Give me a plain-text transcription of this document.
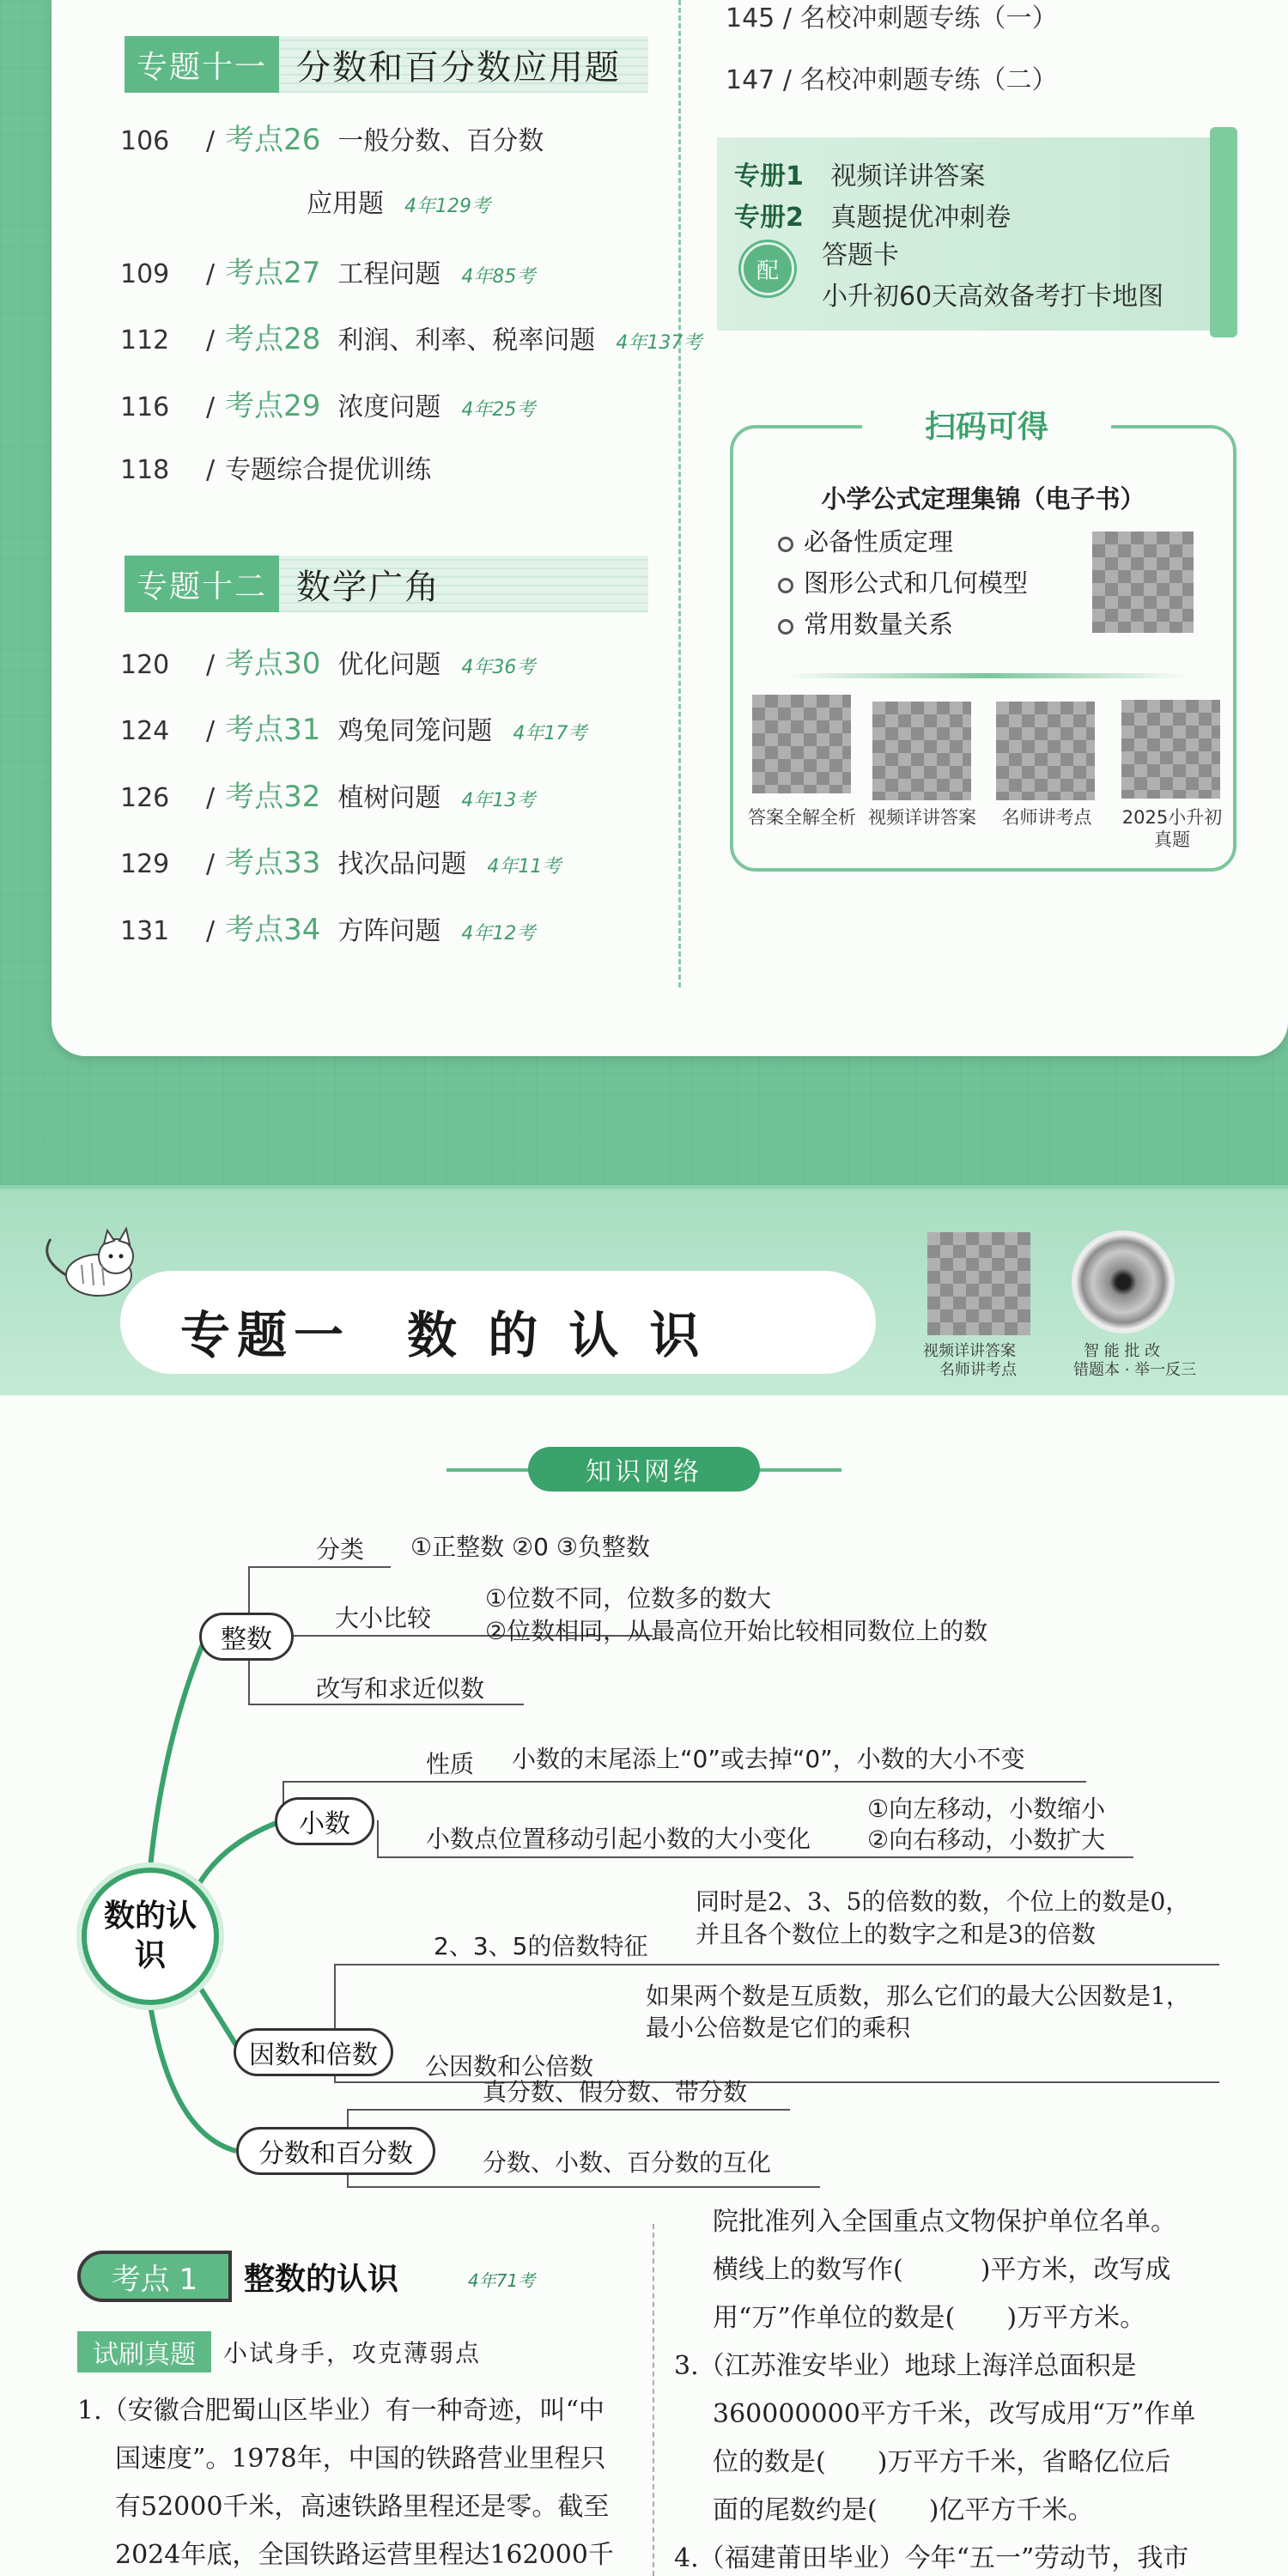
专题十一 分数和百分数应用题
106	/ 考点26 一般分数、百分数
应用题 4年129考
109	/ 考点27 工程问题 4年85考
112	/ 考点28 利润、利率、税率问题 4年137考
116	/ 考点29 浓度问题 4年25考
118	/ 专题综合提优训练
专题十二 数学广角
120	/ 考点30 优化问题 4年36考
124	/ 考点31 鸡兔同笼问题 4年17考
126	/ 考点32 植树问题 4年13考
129	/ 考点33 找次品问题 4年11考
131	/ 考点34 方阵问题 4年12考
145 / 名校冲刺题专练（一）
147 / 名校冲刺题专练（二）
专册1 视频详讲答案
专册2 真题提优冲刺卷
配
答题卡
小升初60天高效备考打卡地图
扫码可得
小学公式定理集锦（电子书）
必备性质定理
图形公式和几何模型
常用数量关系
答案全解全析 视频详讲答案	名师讲考点	2025小升初真题
专题一　数 的 认 识	视频详讲答案
名师讲考点
智 能 批 改
错题本 · 举一反三
知识网络
数的认识
整数
分类 ①正整数 ②0 ③负整数
大小比较
①位数不同，位数多的数大
②位数相同，从最高位开始比较相同数位上的数
改写和求近似数
小数
性质 小数的末尾添上“0”或去掉“0”，小数的大小不变
小数点位置移动引起小数的大小变化
①向左移动，小数缩小
②向右移动，小数扩大
因数和倍数
2、3、5的倍数特征
同时是2、3、5的倍数的数，个位上的数是0，
并且各个数位上的数字之和是3的倍数
公因数和公倍数
如果两个数是互质数，那么它们的最大公因数是1，
最小公倍数是它们的乘积
分数和百分数
真分数、假分数、带分数
分数、小数、百分数的互化
考点 1	整数的认识	4年71考
试刷真题	小试身手，攻克薄弱点
1.（安徽合肥蜀山区毕业）有一种奇迹，叫“中
国速度”。1978年，中国的铁路营业里程只
有52000千米，高速铁路里程还是零。截至
2024年底，全国铁路运营里程达162000千
院批准列入全国重点文物保护单位名单。
横线上的数写作(　　　)平方米，改写成
用“万”作单位的数是(　　)万平方米。
3.（江苏淮安毕业）地球上海洋总面积是
360000000平方千米，改写成用“万”作单
位的数是(　　)万平方千米，省略亿位后
面的尾数约是(　　)亿平方千米。
4.（福建莆田毕业）今年“五一”劳动节，我市
